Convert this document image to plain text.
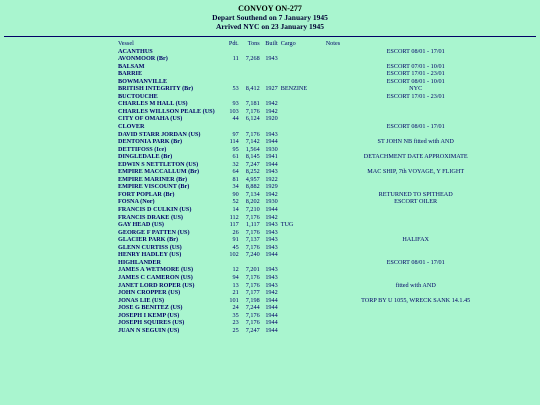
CONVOY ON-277
Depart Southend on 7 January 1945
Arrived NYC on 23 January 1945
Vessel	Pdt.	Tons	Built	Cargo	Notes
ACANTHUS					ESCORT 08/01 - 17/01
AVONMOOR (Br)	11	7,268	1943		
BALSAM					ESCORT 07/01 - 10/01
BARRIE					ESCORT 17/01 - 23/01
BOWMANVILLE					ESCORT 08/01 - 10/01
BRITISH INTEGRITY (Br)	53	8,412	1927	BENZINE	NYC
BUCTOUCHE					ESCORT 17/01 - 23/01
CHARLES M HALL (US)	93	7,181	1942		
CHARLES WILLSON PEALE (US)	103	7,176	1942		
CITY OF OMAHA (US)	44	6,124	1920		
CLOVER					ESCORT 08/01 - 17/01
DAVID STARR JORDAN (US)	97	7,176	1943		
DENTONIA PARK (Br)	114	7,142	1944		ST JOHN NB fitted with AND
DETTIFOSS (Ice)	95	1,564	1930		
DINGLEDALE (Br)	61	8,145	1941		DETACHMENT DATE APPROXIMATE
EDWIN S NETTLETON (US)	32	7,247	1944		
EMPIRE MACCALLUM (Br)	64	8,252	1943		MAC SHIP, 7th VOYAGE, Y FLIGHT
EMPIRE MARINER (Br)	81	4,957	1922		
EMPIRE VISCOUNT (Br)	34	8,882	1929		
FORT POPLAR (Br)	90	7,134	1942		RETURNED TO SPITHEAD
FOSNA (Nor)	52	8,202	1930		ESCORT OILER
FRANCIS D CULKIN (US)	14	7,210	1944		
FRANCIS DRAKE (US)	112	7,176	1942		
GAY HEAD (US)	117	1,117	1943	TUG	
GEORGE F PATTEN (US)	26	7,176	1943		
GLACIER PARK (Br)	91	7,137	1943		HALIFAX
GLENN CURTISS (US)	45	7,176	1943		
HENRY HADLEY (US)	102	7,240	1944		
HIGHLANDER					ESCORT 08/01 - 17/01
JAMES A WETMORE (US)	12	7,201	1943		
JAMES C CAMERON (US)	94	7,176	1943		
JANET LORD ROPER (US)	13	7,176	1943		fitted with AND
JOHN CROPPER (US)	21	7,177	1942		
JONAS LIE (US)	101	7,198	1944		TORP BY U 1055, WRECK SANK 14.1.45
JOSE G BENITEZ (US)	24	7,244	1944		
JOSEPH I KEMP (US)	35	7,176	1944		
JOSEPH SQUIRES (US)	23	7,176	1944		
JUAN N SEGUIN (US)	25	7,247	1944		
